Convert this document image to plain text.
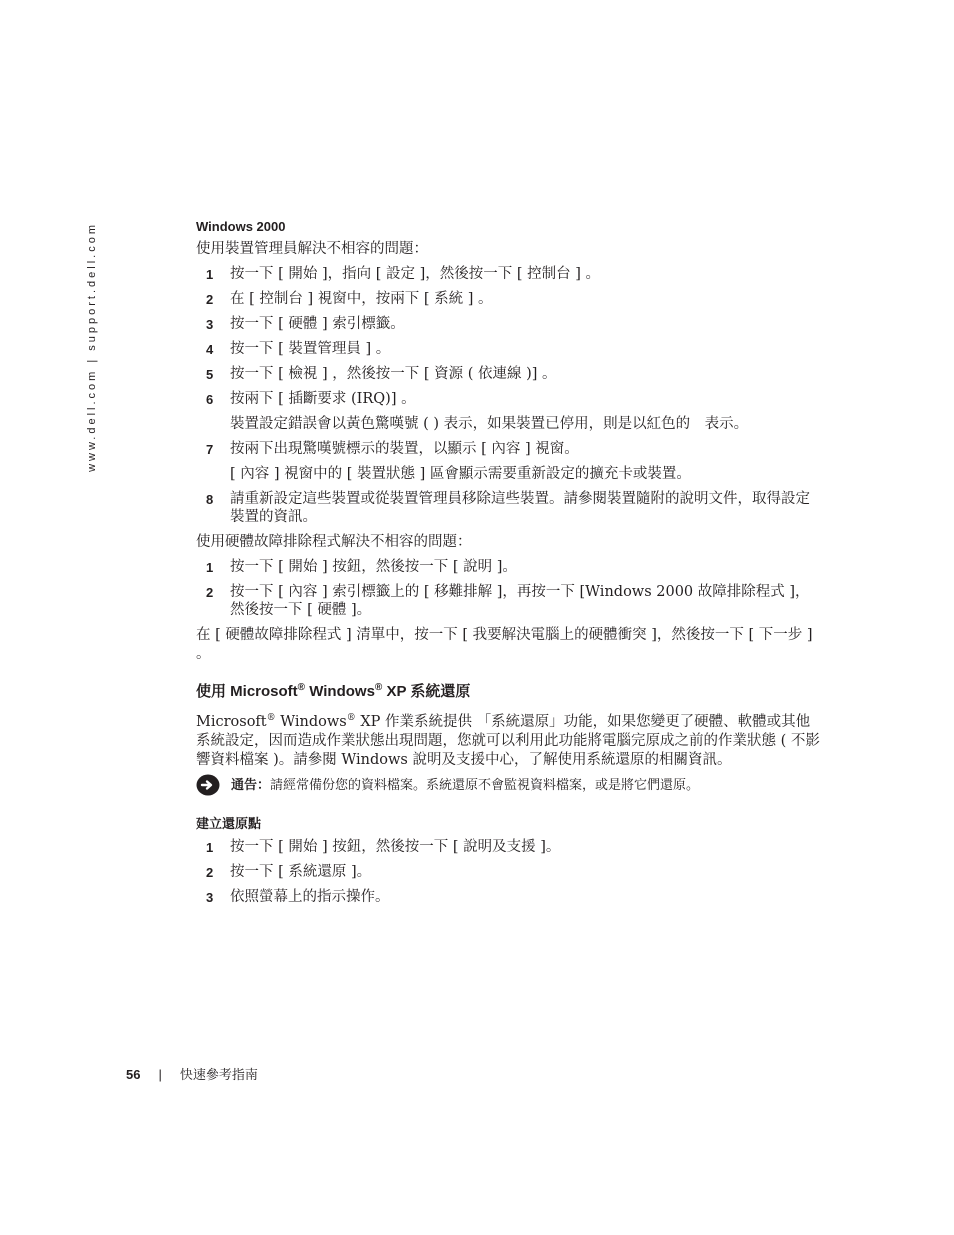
www.dell.com | support.dell.com	Windows 2000

使用裝置管理員解決不相容的問題：

1 按一下 [ 開始 ]，指向 [ 設定 ]，然後按一下 [ 控制台 ] 。
2 在 [ 控制台 ] 視窗中，按兩下 [ 系統 ] 。
3 按一下 [ 硬體 ] 索引標籤。
4 按一下 [ 裝置管理員 ] 。
5 按一下 [ 檢視 ] ，然後按一下 [ 資源 ( 依連線 )] 。
6 按兩下 [ 插斷要求 (IRQ)] 。
裝置設定錯誤會以黃色驚嘆號 ( ) 表示，如果裝置已停用，則是以紅色的　表示。
7 按兩下出現驚嘆號標示的裝置，以顯示 [ 內容 ] 視窗。
[ 內容 ] 視窗中的 [ 裝置狀態 ] 區會顯示需要重新設定的擴充卡或裝置。
8 請重新設定這些裝置或從裝置管理員移除這些裝置。請參閱裝置隨附的說明文件，取得設定裝置的資訊。

使用硬體故障排除程式解決不相容的問題：

1 按一下 [ 開始 ] 按鈕，然後按一下 [ 說明 ]。
2 按一下 [ 內容 ] 索引標籤上的 [ 移難排解 ]，再按一下 [Windows 2000 故障排除程式 ]，然後按一下 [ 硬體 ]。

在 [ 硬體故障排除程式 ] 清單中，按一下 [ 我要解決電腦上的硬體衝突 ]，然後按一下 [ 下一步 ] 。

使用 Microsoft® Windows® XP 系統還原

Microsoft® Windows® XP 作業系統提供 「系統還原」功能，如果您變更了硬體、軟體或其他系統設定，因而造成作業狀態出現問題，您就可以利用此功能將電腦完原成之前的作業狀態 ( 不影響資料檔案 )。請參閱 Windows 說明及支援中心，了解使用系統還原的相關資訊。

通告：請經常備份您的資料檔案。系統還原不會監視資料檔案，或是將它們還原。
建立還原點
1 按一下 [ 開始 ] 按鈕，然後按一下 [ 說明及支援 ]。
2 按一下 [ 系統還原 ]。
3 依照螢幕上的指示操作。
56 | 快速參考指南
